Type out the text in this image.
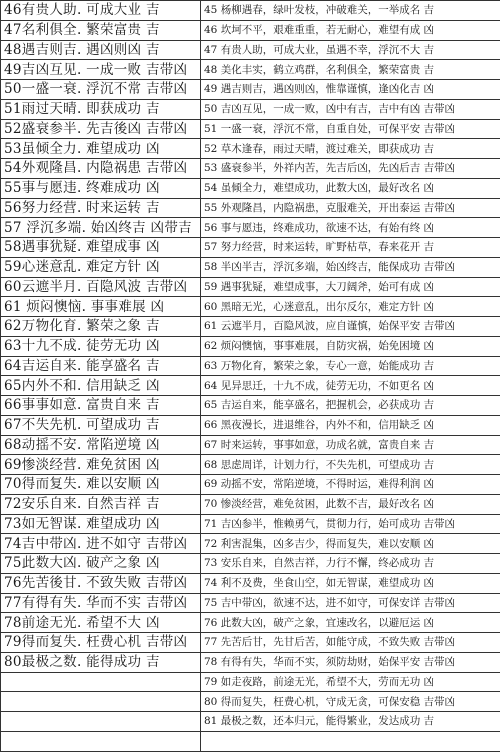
46有贵人助. 可成大业 吉	45 杨柳遇春，绿叶发枝，冲破难关，一举成名 吉
47名利俱全. 繁荣富贵 吉	46 坎坷不平，艰难重重，若无耐心，难望有成 凶
48遇吉则吉. 遇凶则凶 吉	47 有贵人助，可成大业，虽遇不幸，浮沉不大 吉
49吉凶互见. 一成一败 吉带凶	48 美化丰实，鹤立鸡群，名利俱全，繁荣富贵 吉
50一盛一衰. 浮沉不常 吉带凶	49 遇吉则吉，遇凶则凶，惟靠谨慎，逢凶化吉 凶
51雨过天晴. 即获成功 吉	50 吉凶互见，一成一败，凶中有吉，吉中有凶 吉带凶
52盛衰参半. 先吉後凶 吉带凶	51 一盛一衰，浮沉不常，自重自处，可保平安 吉带凶
53虽倾全力. 难望成功 凶	52 草木逢春，雨过天晴，渡过难关，即获成功 吉
54外观隆昌. 内隐祸患 吉带凶	53 盛衰参半，外祥内苦，先吉后凶，先凶后吉 吉带凶
55事与愿违. 终难成功 凶	54 虽倾全力，难望成功，此数大凶，最好改名 凶
56努力经营. 时来运转 吉	55 外观隆昌，内隐祸患，克服难关，开出泰运 吉带凶
57 浮沉多端. 始凶终吉 凶带吉	56 事与愿违，终难成功，欲速不达，有始有终 凶
58遇事犹疑. 难望成事 凶	57 努力经营，时来运转，旷野枯草，春来花开 吉
59心迷意乱. 难定方针 凶	58 半凶半吉，浮沉多端，始凶终吉，能保成功 吉带凶
60云遮半月. 百隐风波 吉带凶	59 遇事犹疑，难望成事，大刀阔斧，始可有成 凶
61 烦闷懊恼. 事事难展 凶	60 黑暗无光，心迷意乱，出尔反尔，难定方针 凶
62万物化育. 繁荣之象 吉	61 云遮半月，百隐风波，应自谨慎，始保平安 吉带凶
63十九不成. 徒劳无功 凶	62 烦闷懊恼，事事难展，自防灾祸，始免困境 凶
64吉运自来. 能享盛名 吉	63 万物化育，繁荣之象，专心一意，始能成功 吉
65内外不和. 信用缺乏 凶	64 见异思迁，十九不成，徒劳无功，不如更名 凶
66事事如意. 富贵自来 吉	65 吉运自来，能享盛名，把握机会，必获成功 吉
67不失先机. 可望成功 吉	66 黑夜漫长，进退维谷，内外不和，信用缺乏 凶
68动摇不安. 常陷逆境 凶	67 时来运转，事事如意，功成名就，富贵自来 吉
69惨淡经营. 难免贫困 凶	68 思虑周详，计划力行，不失先机，可望成功 吉
70得而复失. 难以安顺 凶	69 动摇不安，常陷逆境，不得时运，难得利润 凶
72安乐自来. 自然吉祥 吉	70 惨淡经营，难免贫困，此数不吉，最好改名 凶
73如无智谋. 难望成功 凶	71 吉凶参半，惟赖勇气，贯彻力行，始可成功 吉带凶
74吉中带凶. 进不如守 吉带凶	72 利害混集，凶多吉少，得而复失，难以安顺 凶
75此数大凶. 破产之象 凶	73 安乐自来，自然吉祥，力行不懈，终必成功 吉
76先苦後甘. 不致失败 吉带凶	74 利不及费，坐食山空，如无智谋，难望成功 凶
77有得有失. 华而不实 吉带凶	75 吉中带凶，欲速不达，进不如守，可保安详 吉带凶
78前途无光. 希望不大 凶	76 此数大凶，破产之象，宜速改名，以避厄运 凶
79得而复失. 枉费心机 吉带凶	77 先苦后甘，先甘后苦，如能守成，不致失败 吉带凶
80最极之数. 能得成功 吉	78 有得有失，华而不实，须防劫财，始保平安 吉带凶
	79 如走夜路，前途无光，希望不大，劳而无功 凶
	80 得而复失，枉费心机，守成无贪，可保安稳 吉带凶
	81 最极之数，还本归元，能得繁业，发达成功 吉
